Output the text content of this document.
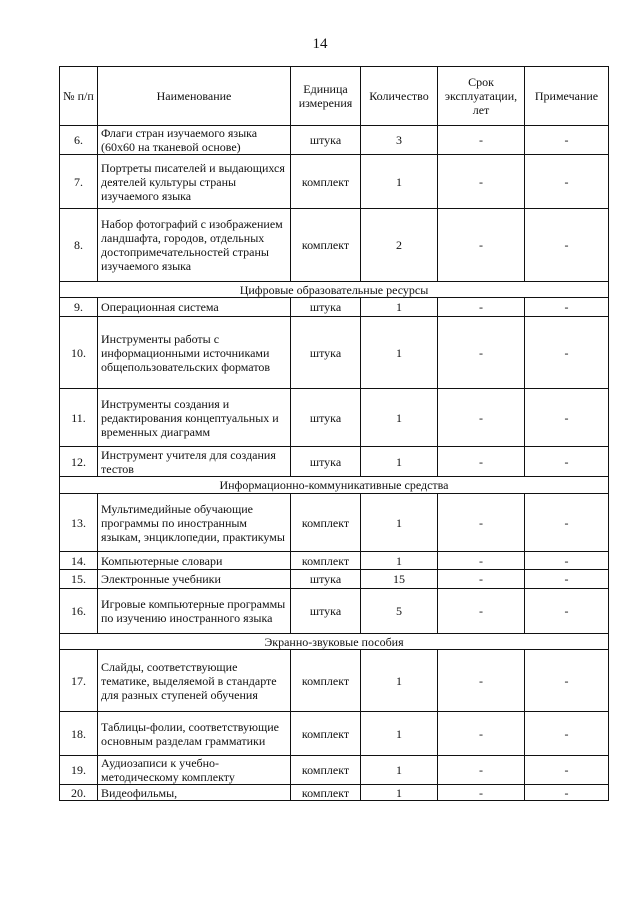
14
№ п/п	Наименование	Единица измерения	Количество	Срок эксплуатации, лет	Примечание
6.	Флаги стран изучаемого языка (60х60 на тканевой основе)	штука	3	-	-
7.	Портреты писателей и выдающихся деятелей культуры страны изучаемого языка	комплект	1	-	-
8.	Набор фотографий с изображением ландшафта, городов, отдельных достопримечательностей страны изучаемого языка	комплект	2	-	-
Цифровые образовательные ресурсы					
9.	Операционная система	штука	1	-	-
10.	Инструменты работы с информационными источниками общепользовательских форматов	штука	1	-	-
11.	Инструменты создания и редактирования концептуальных и временных диаграмм	штука	1	-	-
12.	Инструмент учителя для создания тестов	штука	1	-	-
Информационно-коммуникативные средства					
13.	Мультимедийные обучающие программы по иностранным языкам, энциклопедии, практикумы	комплект	1	-	-
14.	Компьютерные словари	комплект	1	-	-
15.	Электронные учебники	штука	15	-	-
16.	Игровые компьютерные программы по изучению иностранного языка	штука	5	-	-
Экранно-звуковые пособия					
17.	Слайды, соответствующие тематике, выделяемой в стандарте для разных ступеней обучения	комплект	1	-	-
18.	Таблицы-фолии, соответствующие основным разделам грамматики	комплект	1	-	-
19.	Аудиозаписи к учебно-методическому комплекту	комплект	1	-	-
20.	Видеофильмы,	комплект	1	-	-
